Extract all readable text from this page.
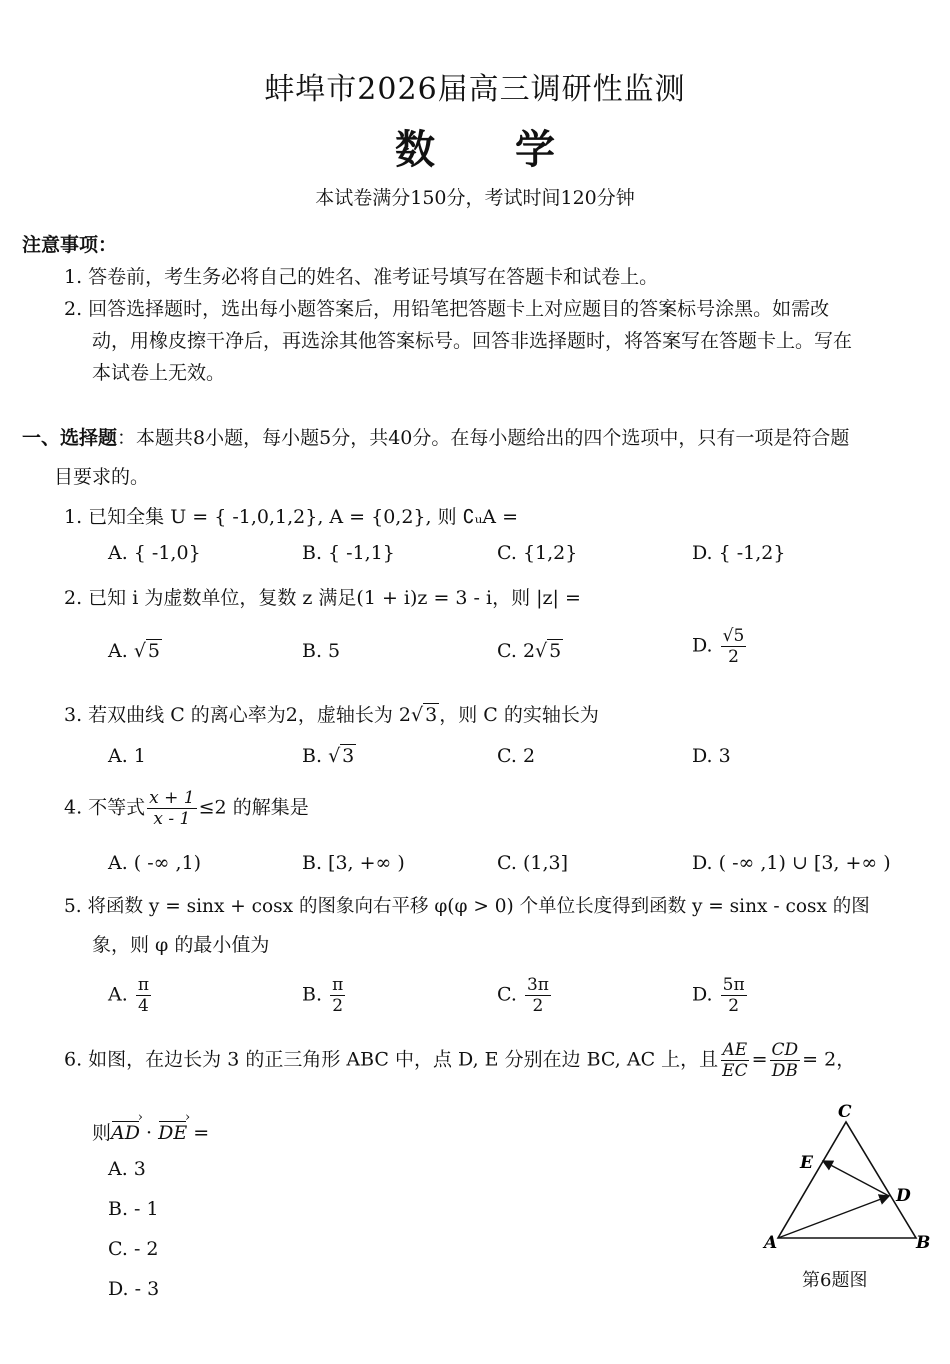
蚌埠市2026届高三调研性监测
数　　学
本试卷满分150分，考试时间120分钟
注意事项：
1. 答卷前，考生务必将自己的姓名、准考证号填写在答题卡和试卷上。
2. 回答选择题时，选出每小题答案后，用铅笔把答题卡上对应题目的答案标号涂黑。如需改
动，用橡皮擦干净后，再选涂其他答案标号。回答非选择题时，将答案写在答题卡上。写在
本试卷上无效。
一、选择题：本题共8小题，每小题5分，共40分。在每小题给出的四个选项中，只有一项是符合题
目要求的。
1. 已知全集 U = { -1,0,1,2}, A = {0,2}, 则 ∁ᵤA =
A. { -1,0}	B. { -1,1}	C. {1,2}	D. { -1,2}
2. 已知 i 为虚数单位，复数 z 满足(1 + i)z = 3 - i，则 |z| =
A. √ 5	B. 5	C. 2√ 5	D. $\frac{√5}{2}$
3. 若双曲线 C 的离心率为2，虚轴长为 2√ 3 ，则 C 的实轴长为
A. 1	B. √ 3	C. 2	D. 3
4. 不等式 $\frac{x + 1}{x - 1} \le 2$ 的解集是
A. ( -∞ ,1)	B. [3, +∞ )	C. (1,3]	D. ( -∞ ,1) ∪ [3, +∞ )
5. 将函数 y = sinx + cosx 的图象向右平移 φ(φ > 0) 个单位长度得到函数 y = sinx - cosx 的图
象，则 φ 的最小值为
A. $\frac{\pi}{4}$	B. $\frac{\pi}{2}$	C. $\frac{3\pi}{2}$	D. $\frac{5\pi}{2}$
6. 如图，在边长为 3 的正三角形 ABC 中，点 D, E 分别在边 BC, AC 上，且 $\frac{AE}{EC} = \frac{CD}{DB} = 2$，
则AD › · DE › =
A. 3
B. - 1
C. - 2
D. - 3
A	B
C
D
E
第6题图
